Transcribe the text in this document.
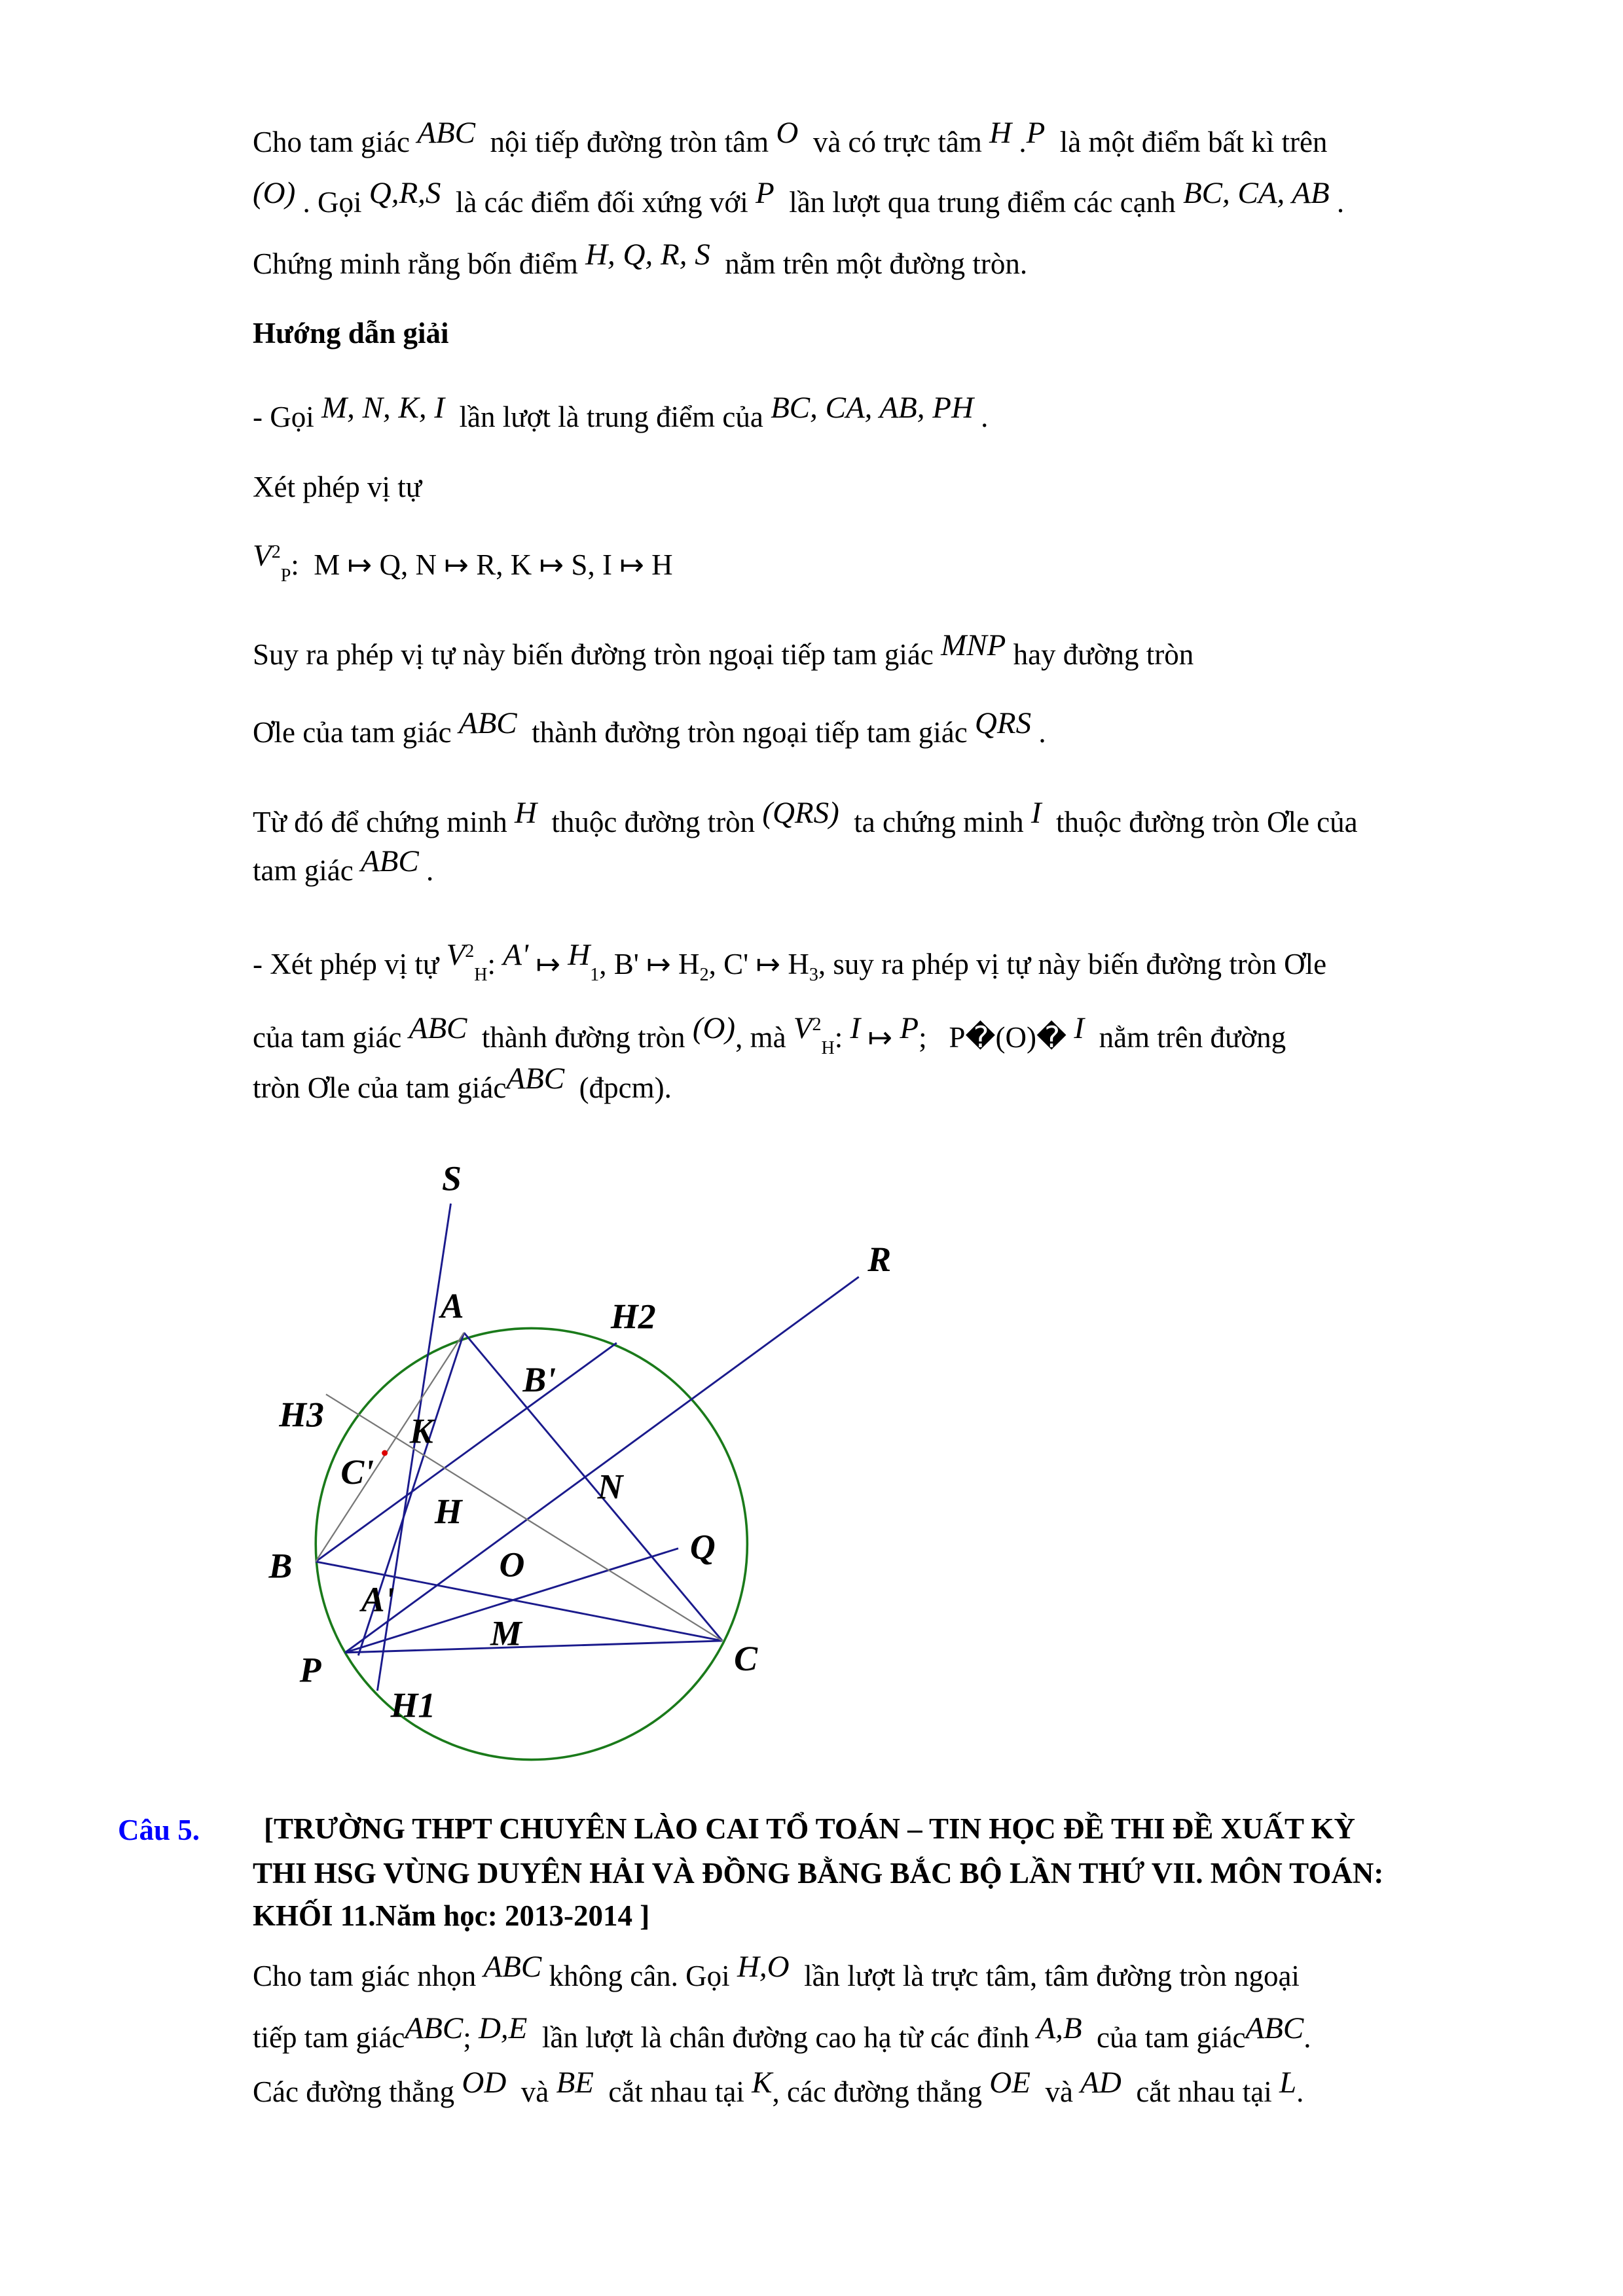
Cho tam giác ABC  nội tiếp đường tròn tâm O  và có trực tâm H .P  là một điểm bất kì trên
(O) . Gọi Q,R,S  là các điểm đối xứng với P  lần lượt qua trung điểm các cạnh BC, CA, AB .
Chứng minh rằng bốn điểm H, Q, R, S  nằm trên một đường tròn.
Hướng dẫn giải
- Gọi M, N, K, I  lần lượt là trung điểm của BC, CA, AB, PH .
Xét phép vị tự
$V^2_P$:  M ↦ Q, N ↦ R, K ↦ S, I ↦ H
Suy ra phép vị tự này biến đường tròn ngoại tiếp tam giác MNP hay đường tròn
Ơle của tam giác ABC  thành đường tròn ngoại tiếp tam giác QRS .
Từ đó để chứng minh H  thuộc đường tròn (QRS)  ta chứng minh I  thuộc đường tròn Ơle của
tam giác ABC .
- Xét phép vị tự $V^2_H$: A' ↦ $H_1$, B' ↦ $H_2$, C' ↦ $H_3$, suy ra phép vị tự này biến đường tròn Ơle
của tam giác ABC  thành đường tròn (O), mà $V^2_H$: I ↦ P;   P�(O)� I  nằm trên đường
tròn Ơle của tam giácABC  (đpcm).
[TRƯỜNG THPT CHUYÊN LÀO CAI TỔ TOÁN – TIN HỌC ĐỀ THI ĐỀ XUẤT KỲ
THI HSG VÙNG DUYÊN HẢI VÀ ĐỒNG BẰNG BẮC BỘ LẦN THỨ VII. MÔN TOÁN:
KHỐI 11.Năm học: 2013-2014 ]
Cho tam giác nhọn ABC không cân. Gọi H,O  lần lượt là trực tâm, tâm đường tròn ngoại
tiếp tam giácABC; D,E  lần lượt là chân đường cao hạ từ các đỉnh A,B  của tam giácABC.
Các đường thẳng OD  và BE  cắt nhau tại K, các đường thẳng OE  và AD  cắt nhau tại L.
Câu 5.
S
R
A	H2
B'
H3	K
C'	N
H
B	O	Q
A'
M
C
P
H1
